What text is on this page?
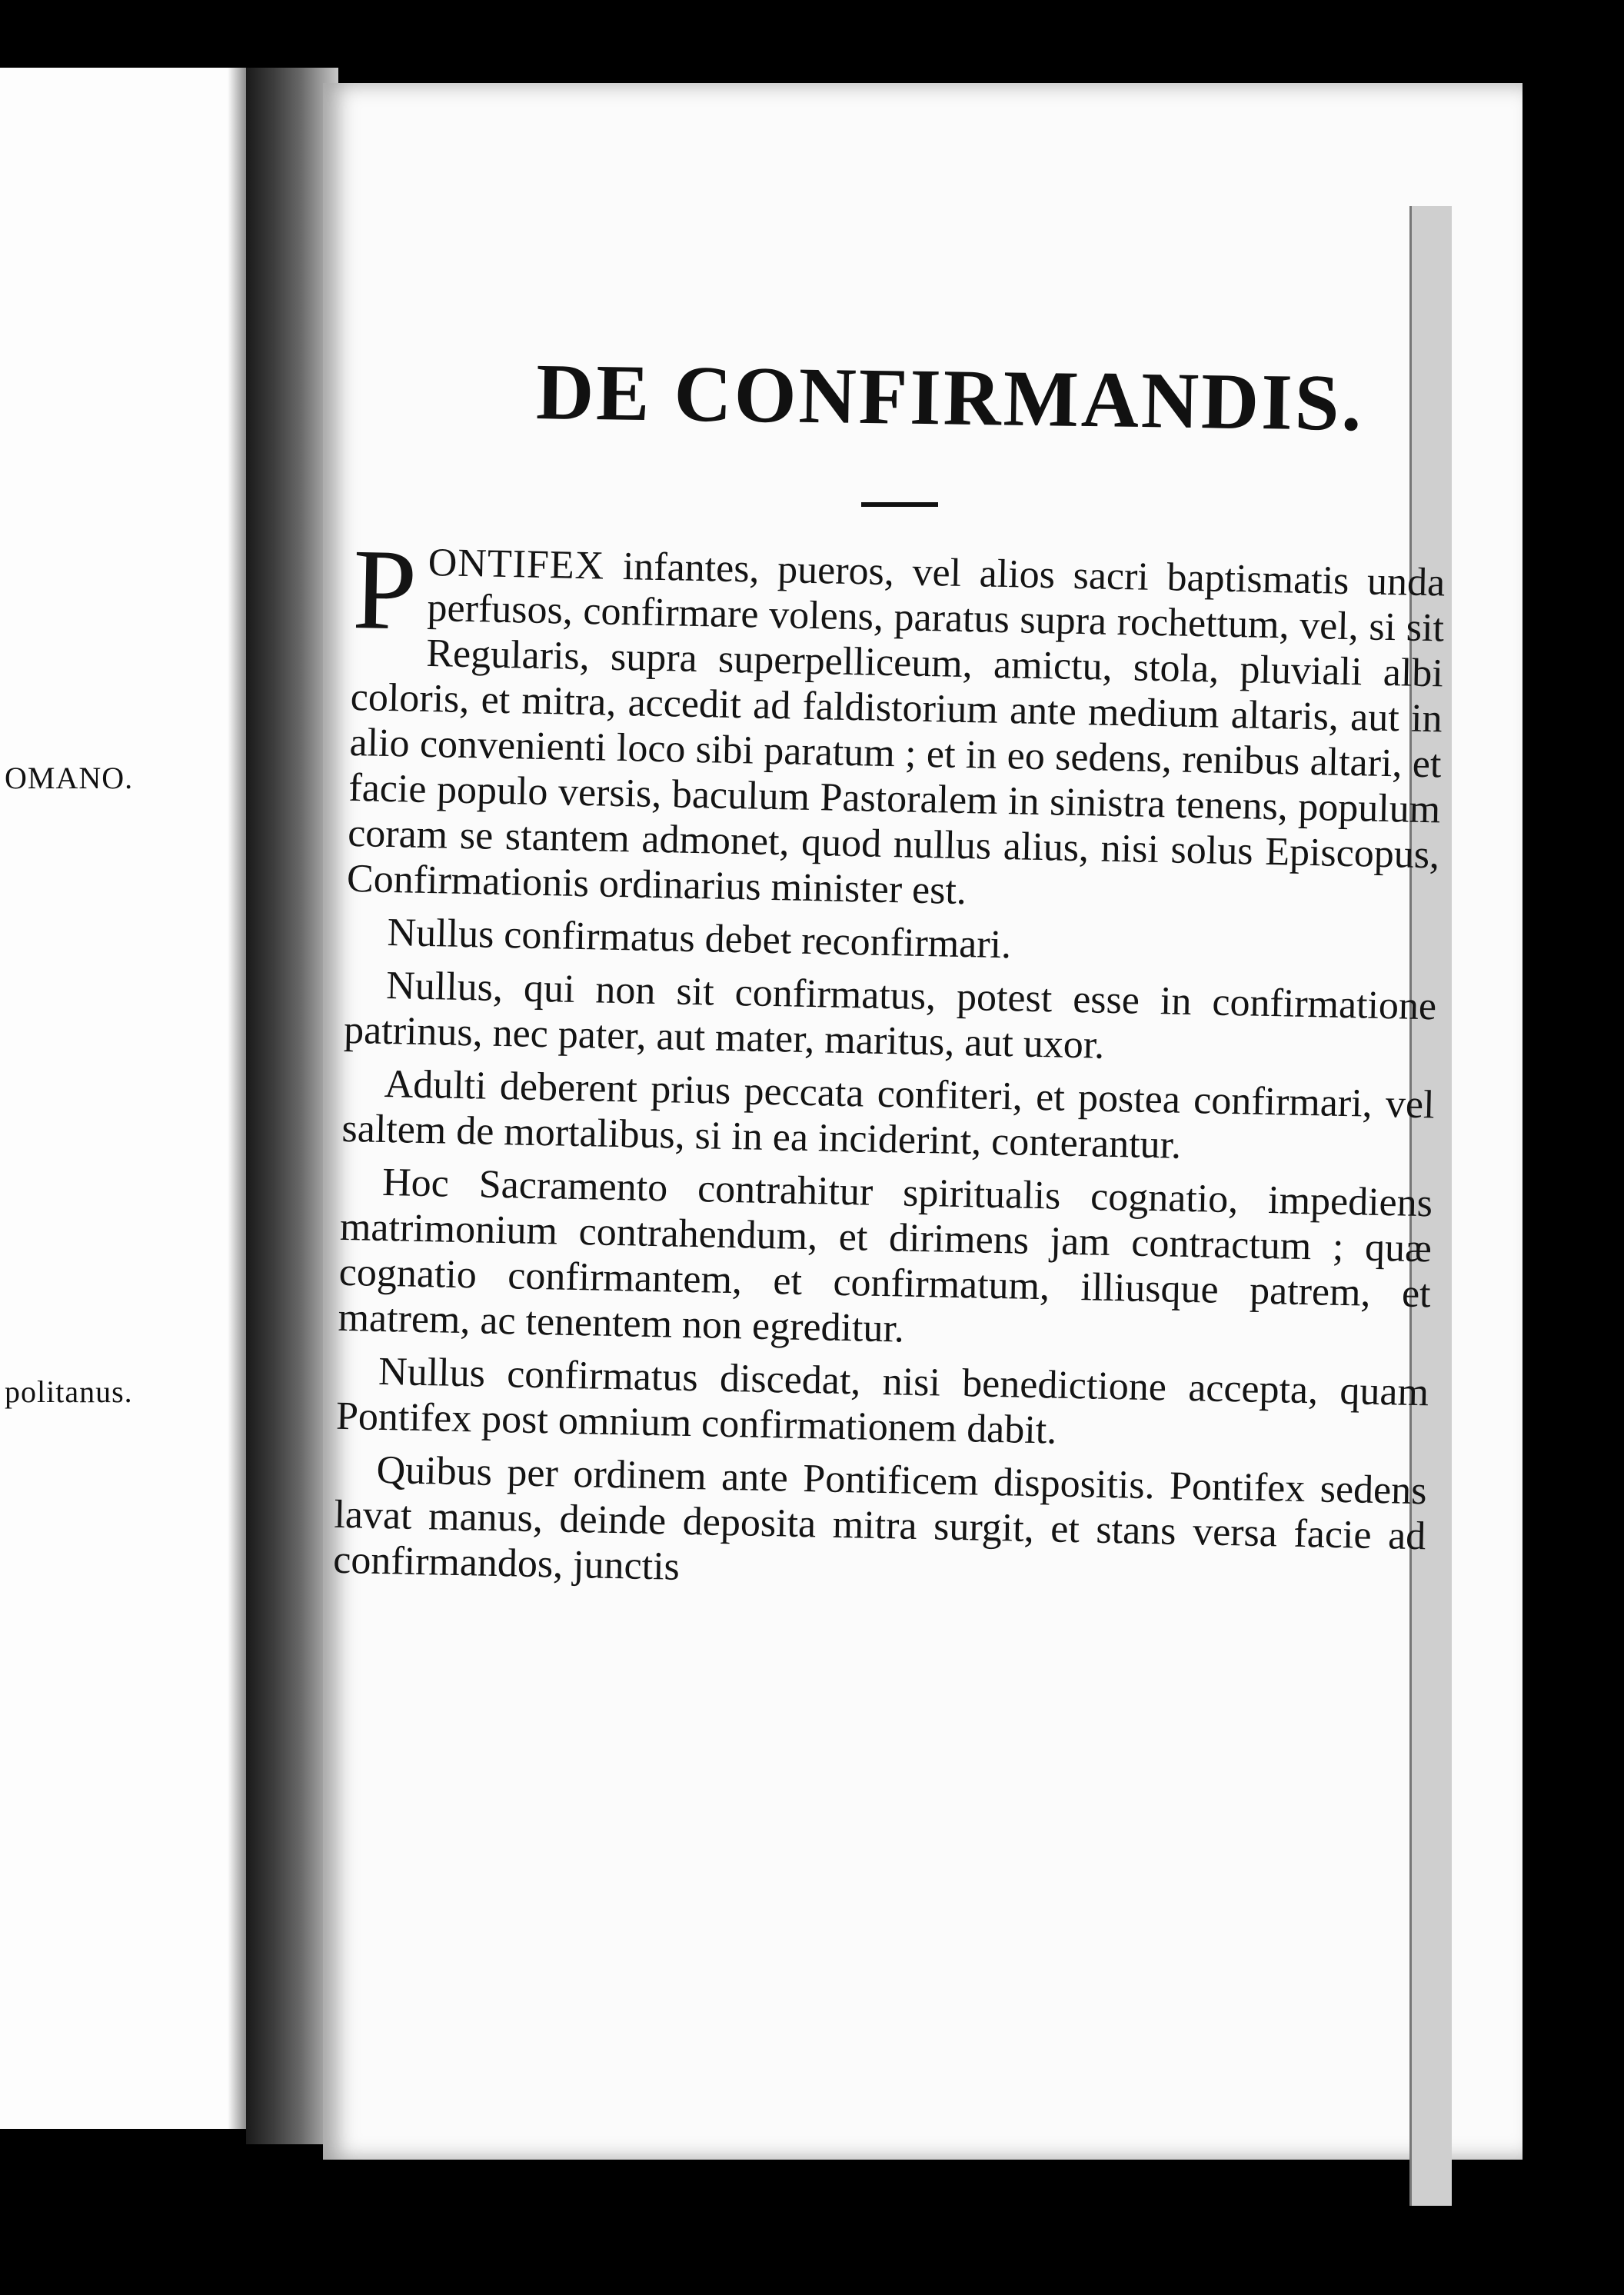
OMANO.
politanus.
DE CONFIRMANDIS.

PONTIFEX infantes, pueros, vel alios sacri baptismatis unda perfusos, confirmare volens, paratus supra rochettum, vel, si sit Regularis, supra superpelliceum, amictu, stola, pluviali albi coloris, et mitra, accedit ad faldistorium ante medium altaris, aut in alio convenienti loco sibi paratum ; et in eo sedens, renibus altari, et facie populo versis, baculum Pastoralem in sinistra tenens, populum coram se stantem admonet, quod nullus alius, nisi solus Episcopus, Confirmationis ordinarius minister est.

Nullus confirmatus debet reconfirmari.

Nullus, qui non sit confirmatus, potest esse in confirmatione patrinus, nec pater, aut mater, maritus, aut uxor.

Adulti deberent prius peccata confiteri, et postea confirmari, vel saltem de mortalibus, si in ea inciderint, conterantur.

Hoc Sacramento contrahitur spiritualis cognatio, impediens matrimonium contrahendum, et dirimens jam contractum ; quæ cognatio confirmantem, et confirmatum, illiusque patrem, et matrem, ac tenentem non egreditur.

Nullus confirmatus discedat, nisi benedictione accepta, quam Pontifex post omnium confirmationem dabit.

Quibus per ordinem ante Pontificem dispositis. Pontifex sedens lavat manus, deinde deposita mitra surgit, et stans versa facie ad confirmandos, junctis
